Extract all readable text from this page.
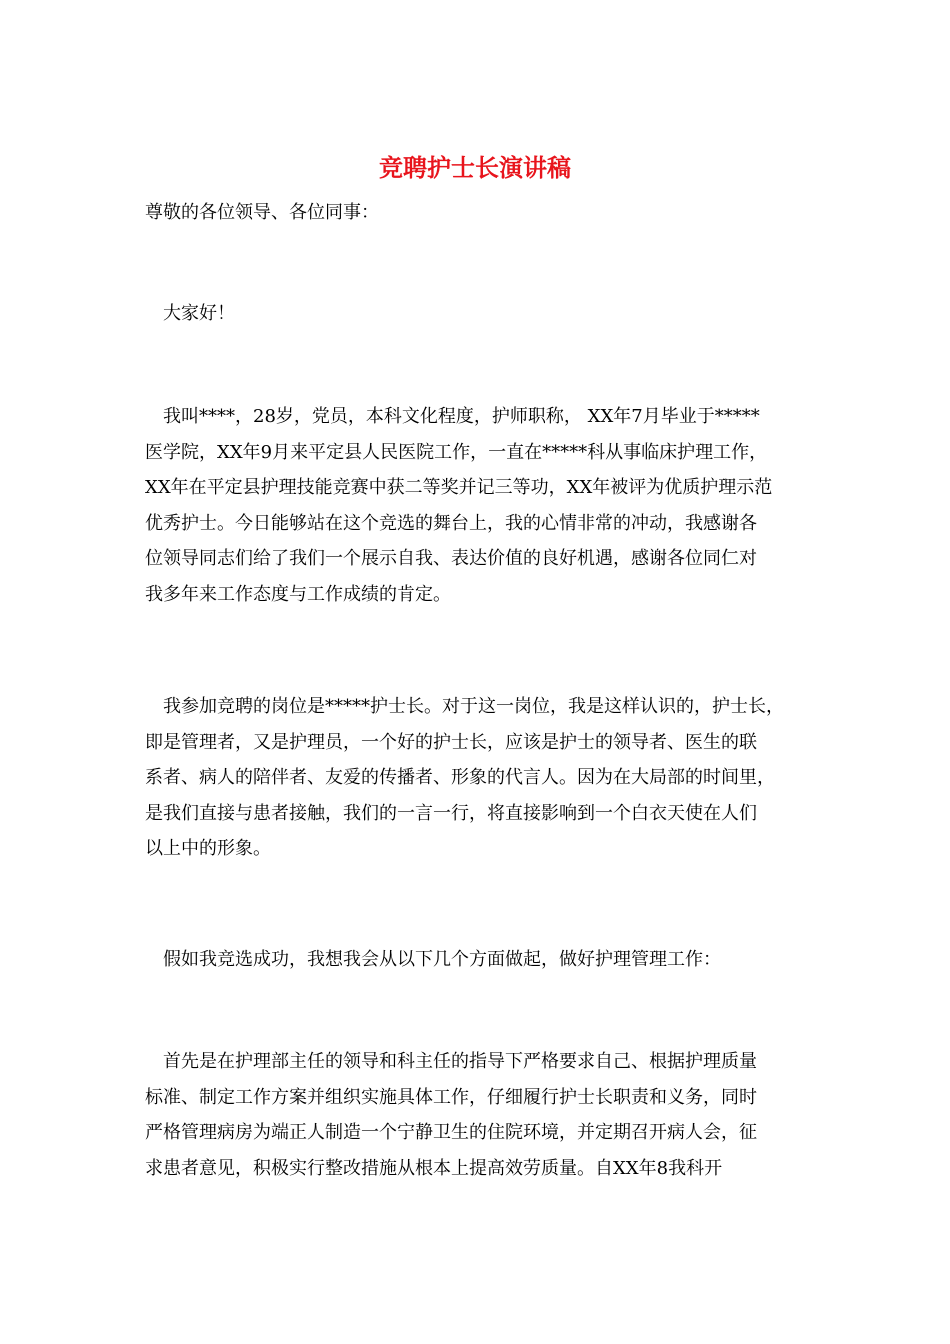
竞聘护士长演讲稿

尊敬的各位领导、各位同事：

大家好！

我叫****，28岁，党员，本科文化程度，护师职称， XX年7月毕业于*****
医学院，XX年9月来平定县人民医院工作，一直在*****科从事临床护理工作，
XX年在平定县护理技能竞赛中获二等奖并记三等功，XX年被评为优质护理示范
优秀护士。今日能够站在这个竞选的舞台上，我的心情非常的冲动，我感谢各
位领导同志们给了我们一个展示自我、表达价值的良好机遇，感谢各位同仁对
我多年来工作态度与工作成绩的肯定。

我参加竞聘的岗位是*****护士长。对于这一岗位，我是这样认识的，护士长，
即是管理者，又是护理员，一个好的护士长，应该是护士的领导者、医生的联
系者、病人的陪伴者、友爱的传播者、形象的代言人。因为在大局部的时间里，
是我们直接与患者接触，我们的一言一行，将直接影响到一个白衣天使在人们
以上中的形象。

假如我竞选成功，我想我会从以下几个方面做起，做好护理管理工作：

首先是在护理部主任的领导和科主任的指导下严格要求自己、根据护理质量
标准、制定工作方案并组织实施具体工作，仔细履行护士长职责和义务，同时
严格管理病房为端正人制造一个宁静卫生的住院环境，并定期召开病人会，征
求患者意见，积极实行整改措施从根本上提高效劳质量。自XX年8我科开
